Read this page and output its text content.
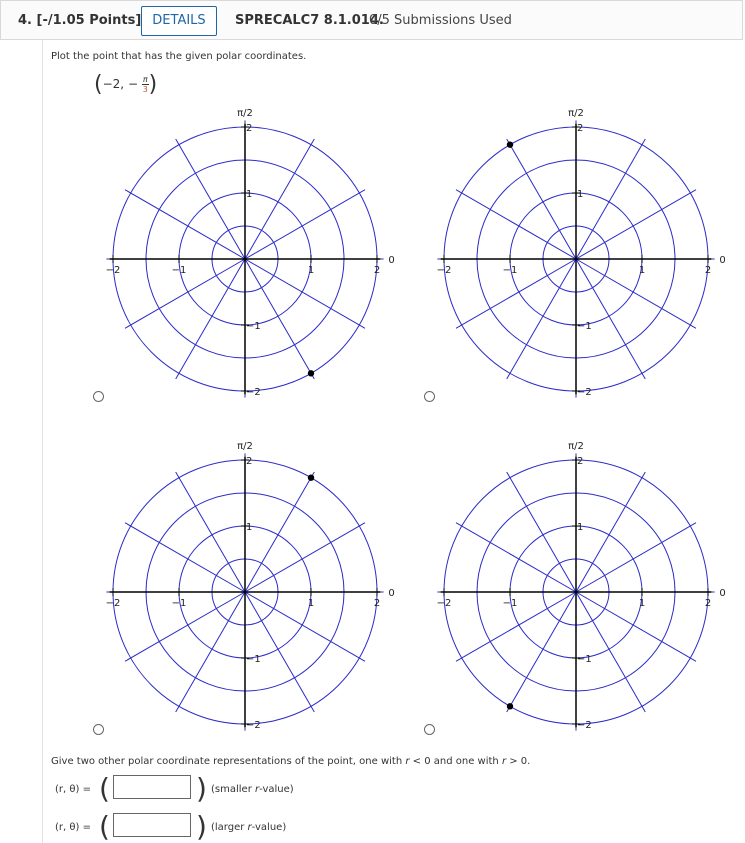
4. [-/1.05 Points] DETAILS	SPRECALC7 8.1.014.
0/5 Submissions Used
Plot the point that has the given polar coordinates.
(−2, − $\frac{\pi}{3}$ )
−2	−1	1	2
2
1
−1
−2
π/2
0
−2	−1	1	2
2
1
−1
−2
π/2
0
−2	−1	1	2
2
1
−1
−2
π/2
0
−2	−1	1	2
2
1
−1
−2
π/2
0
Give two other polar coordinate representations of the point, one with r < 0 and one with r > 0.
(r, θ) = (	) (smaller r-value)
(r, θ) = (	) (larger r-value)
